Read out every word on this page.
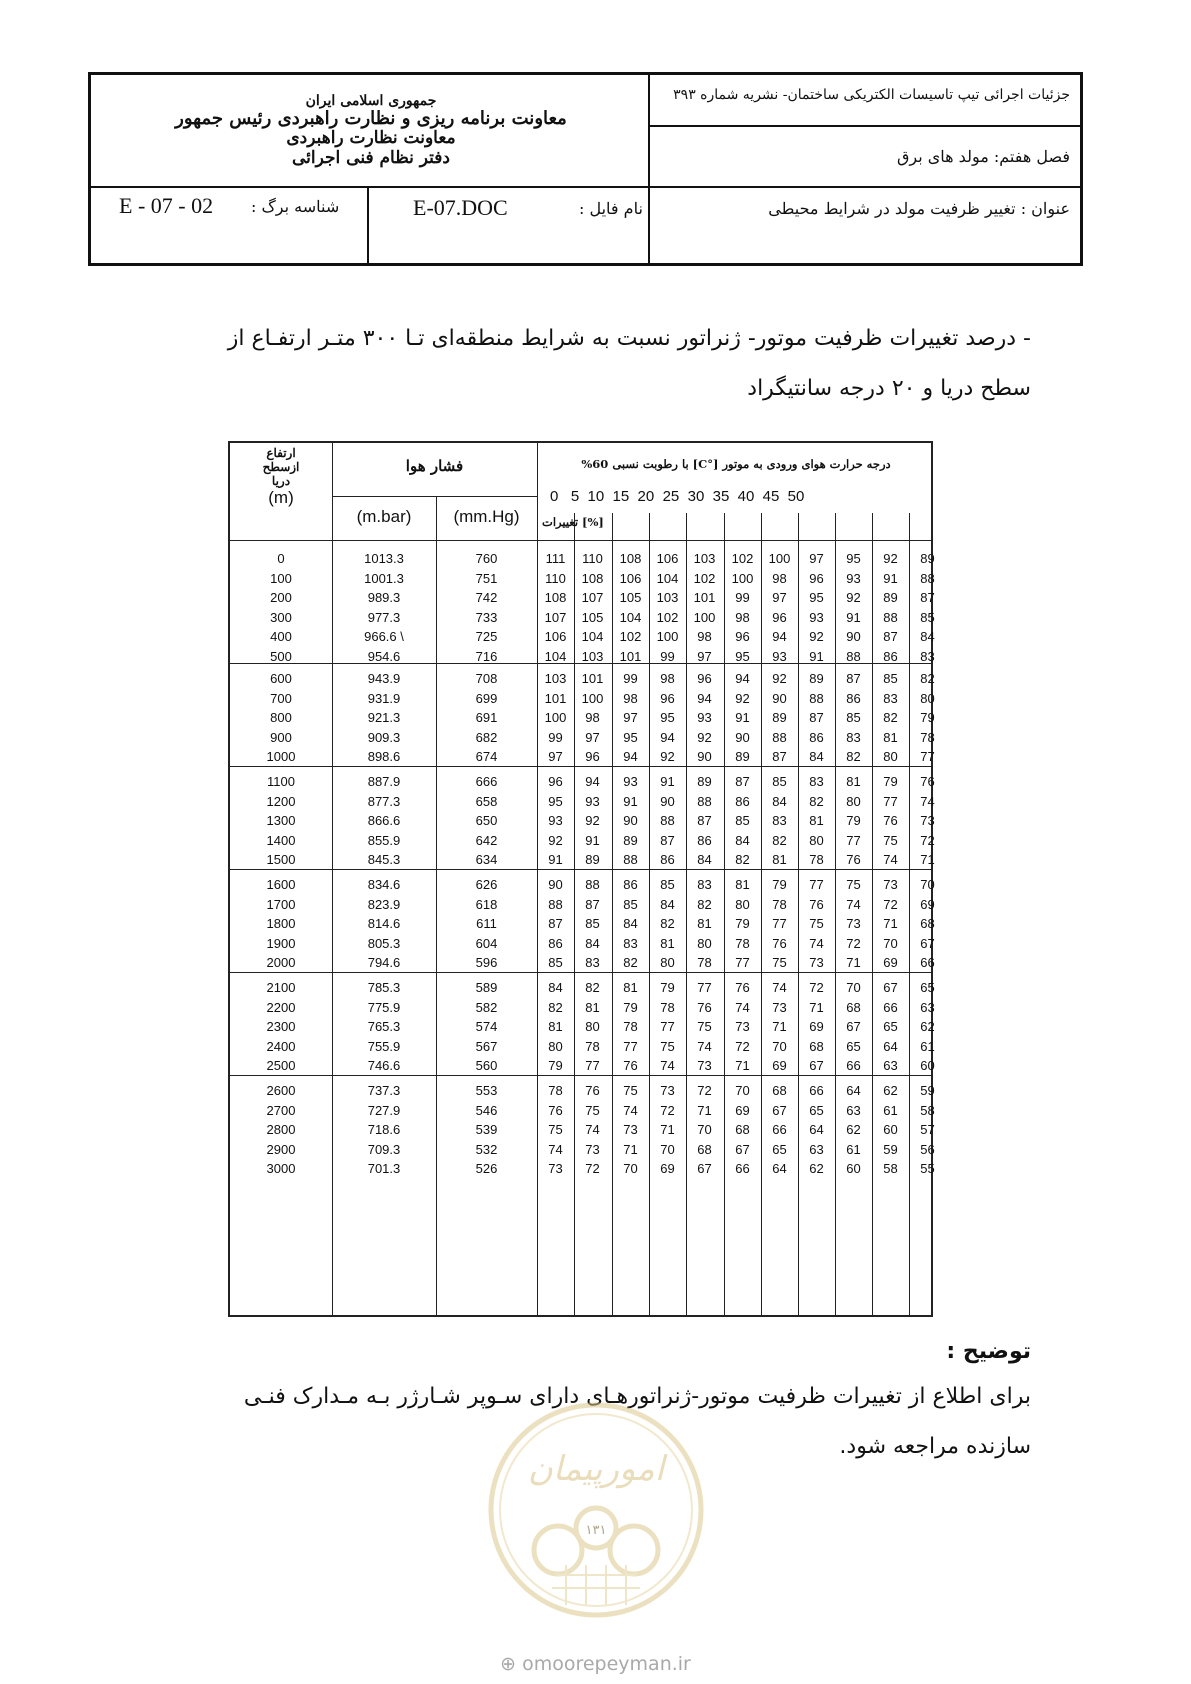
جمهوری اسلامی ایران
معاونت برنامه ریزی و نظارت راهبردی رئیس جمهور
معاونت نظارت راهبردی
دفتر نظام فنی اجرائی
جزئیات اجرائی تیپ تاسیسات الکتریکی ساختمان- نشریه شماره ۳۹۳
فصل هفتم: مولد های برق
عنوان : تغییر ظرفیت مولد در شرایط محیطی
نام فایل :
E-07.DOC
شناسه برگ :
E - 07 - 02
- درصد تغییرات ظرفیت موتور- ژنراتور نسبت به شرایط منطقه‌ای تـا ۳۰۰ متـر ارتفـاع از
سطح دریا و ۲۰ درجه سانتیگراد
ارتفاع
ازسطح
دریا
(m)
فشار هوا
(m.bar)	(mm.Hg)
درجه حرارت هوای ورودی به موتور [°C] با رطوبت نسبی 60%
0   5  10  15  20  25  30  35  40  45  50
[%] تغییرات
0
100
200
300
400
500
1013.3
1001.3
989.3
977.3
966.6 \
954.6
760
751
742
733
725
716
111
110
108
107
106
104
110
108
107
105
104
103
108
106
105
104
102
101
106
104
103
102
100
99
103
102
101
100
98
97
102
100
99
98
96
95
100
98
97
96
94
93
97
96
95
93
92
91
95
93
92
91
90
88
92
91
89
88
87
86
89
88
87
85
84
83
600
700
800
900
1000
943.9
931.9
921.3
909.3
898.6
708
699
691
682
674
103
101
100
99
97
101
100
98
97
96
99
98
97
95
94
98
96
95
94
92
96
94
93
92
90
94
92
91
90
89
92
90
89
88
87
89
88
87
86
84
87
86
85
83
82
85
83
82
81
80
82
80
79
78
77
1100
1200
1300
1400
1500
887.9
877.3
866.6
855.9
845.3
666
658
650
642
634
96
95
93
92
91
94
93
92
91
89
93
91
90
89
88
91
90
88
87
86
89
88
87
86
84
87
86
85
84
82
85
84
83
82
81
83
82
81
80
78
81
80
79
77
76
79
77
76
75
74
76
74
73
72
71
1600
1700
1800
1900
2000
834.6
823.9
814.6
805.3
794.6
626
618
611
604
596
90
88
87
86
85
88
87
85
84
83
86
85
84
83
82
85
84
82
81
80
83
82
81
80
78
81
80
79
78
77
79
78
77
76
75
77
76
75
74
73
75
74
73
72
71
73
72
71
70
69
70
69
68
67
66
2100
2200
2300
2400
2500
785.3
775.9
765.3
755.9
746.6
589
582
574
567
560
84
82
81
80
79
82
81
80
78
77
81
79
78
77
76
79
78
77
75
74
77
76
75
74
73
76
74
73
72
71
74
73
71
70
69
72
71
69
68
67
70
68
67
65
66
67
66
65
64
63
65
63
62
61
60
2600
2700
2800
2900
3000
737.3
727.9
718.6
709.3
701.3
553
546
539
532
526
78
76
75
74
73
76
75
74
73
72
75
74
73
71
70
73
72
71
70
69
72
71
70
68
67
70
69
68
67
66
68
67
66
65
64
66
65
64
63
62
64
63
62
61
60
62
61
60
59
58
59
58
57
56
55
توضیح :
برای اطلاع از تغییرات ظرفیت موتور-ژنراتورهـای دارای سـوپر شـارژر بـه مـدارک فنـی
سازنده مراجعه شود.
امورپیمان
۱۳۱
⊕ omoorepeyman.ir
